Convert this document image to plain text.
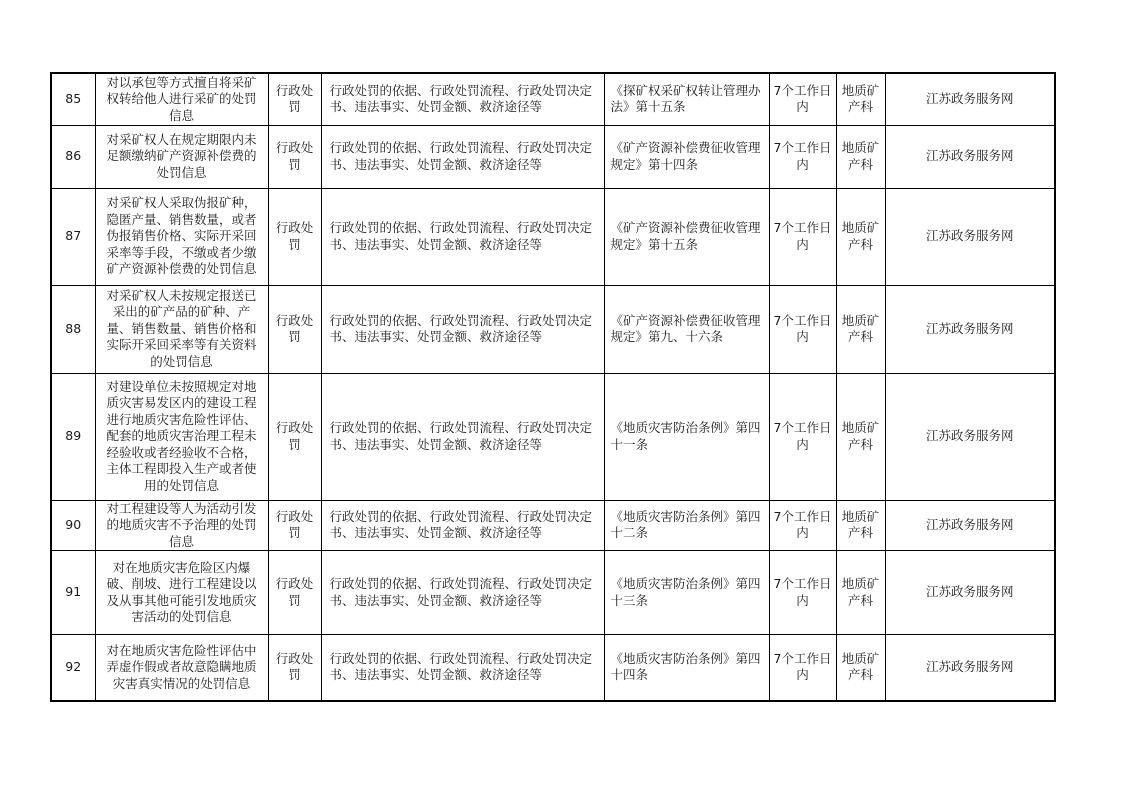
85	对以承包等方式擅自将采矿权转给他人进行采矿的处罚信息	行政处罚	行政处罚的依据、行政处罚流程、行政处罚决定书、违法事实、处罚金额、救济途径等	《探矿权采矿权转让管理办法》第十五条	7个工作日内	地质矿产科	江苏政务服务网
86	对采矿权人在规定期限内未足额缴纳矿产资源补偿费的处罚信息	行政处罚	行政处罚的依据、行政处罚流程、行政处罚决定书、违法事实、处罚金额、救济途径等	《矿产资源补偿费征收管理规定》第十四条	7个工作日内	地质矿产科	江苏政务服务网
87	对采矿权人采取伪报矿种，隐匿产量、销售数量，或者伪报销售价格、实际开采回采率等手段，不缴或者少缴矿产资源补偿费的处罚信息	行政处罚	行政处罚的依据、行政处罚流程、行政处罚决定书、违法事实、处罚金额、救济途径等	《矿产资源补偿费征收管理规定》第十五条	7个工作日内	地质矿产科	江苏政务服务网
88	对采矿权人未按规定报送已采出的矿产品的矿种、产量、销售数量、销售价格和实际开采回采率等有关资料的处罚信息	行政处罚	行政处罚的依据、行政处罚流程、行政处罚决定书、违法事实、处罚金额、救济途径等	《矿产资源补偿费征收管理规定》第九、十六条	7个工作日内	地质矿产科	江苏政务服务网
89	对建设单位未按照规定对地质灾害易发区内的建设工程进行地质灾害危险性评估、配套的地质灾害治理工程未经验收或者经验收不合格，主体工程即投入生产或者使用的处罚信息	行政处罚	行政处罚的依据、行政处罚流程、行政处罚决定书、违法事实、处罚金额、救济途径等	《地质灾害防治条例》第四十一条	7个工作日内	地质矿产科	江苏政务服务网
90	对工程建设等人为活动引发的地质灾害不予治理的处罚信息	行政处罚	行政处罚的依据、行政处罚流程、行政处罚决定书、违法事实、处罚金额、救济途径等	《地质灾害防治条例》第四十二条	7个工作日内	地质矿产科	江苏政务服务网
91	对在地质灾害危险区内爆破、削坡、进行工程建设以及从事其他可能引发地质灾害活动的处罚信息	行政处罚	行政处罚的依据、行政处罚流程、行政处罚决定书、违法事实、处罚金额、救济途径等	《地质灾害防治条例》第四十三条	7个工作日内	地质矿产科	江苏政务服务网
92	对在地质灾害危险性评估中弄虚作假或者故意隐瞒地质灾害真实情况的处罚信息	行政处罚	行政处罚的依据、行政处罚流程、行政处罚决定书、违法事实、处罚金额、救济途径等	《地质灾害防治条例》第四十四条	7个工作日内	地质矿产科	江苏政务服务网
